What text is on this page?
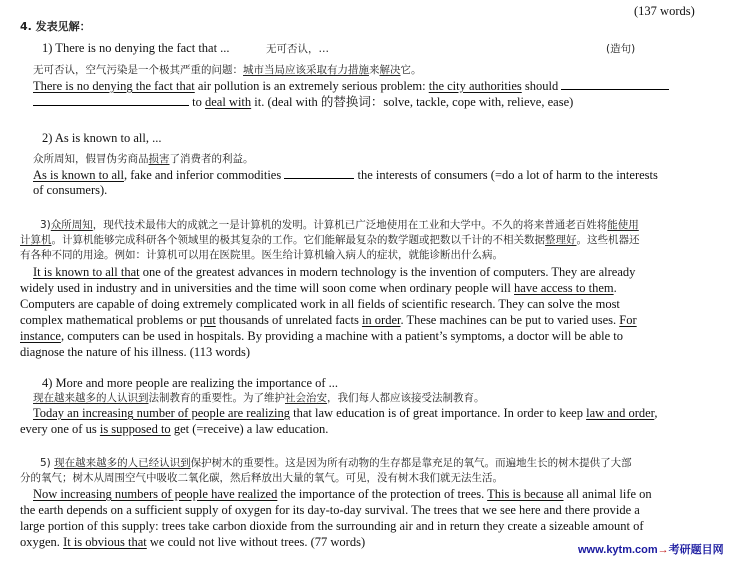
(137 words)
4. 发表见解：
1) There is no denying the fact that ...	无可否认，…	(造句)
无可否认，空气污染是一个极其严重的问题：城市当局应该采取有力措施来解决它。
There is no denying the fact that air pollution is an extremely serious problem: the city authorities should
to deal with it. (deal with 的替换词：solve, tackle, cope with, relieve, ease)
2) As is known to all, ...
众所周知，假冒伪劣商品损害了消费者的利益。
As is known to all, fake and inferior commodities	the interests of consumers (=do a lot of harm to the interests
of consumers).
3)众所周知，现代技术最伟大的成就之一是计算机的发明。计算机已广泛地使用在工业和大学中。不久的将来普通老百姓将能使用
计算机。计算机能够完成科研各个领域里的极其复杂的工作。它们能解最复杂的数学题或把数以千计的不相关数据整理好。这些机器还
有各种不同的用途。例如：计算机可以用在医院里。医生给计算机输入病人的症状，就能诊断出什么病。
It is known to all that one of the greatest advances in modern technology is the invention of computers. They are already
widely used in industry and in universities and the time will soon come when ordinary people will have access to them.
Computers are capable of doing extremely complicated work in all fields of scientific research. They can solve the most
complex mathematical problems or put thousands of unrelated facts in order. These machines can be put to varied uses. For
instance, computers can be used in hospitals. By providing a machine with a patient’s symptoms, a doctor will be able to
diagnose the nature of his illness. (113 words)
4) More and more people are realizing the importance of ...
现在越来越多的人认识到法制教育的重要性。为了维护社会治安，我们每人都应该接受法制教育。
Today an increasing number of people are realizing that law education is of great importance. In order to keep law and order,
every one of us is supposed to get (=receive) a law education.
5) 现在越来越多的人已经认识到保护树木的重要性。这是因为所有动物的生存都是靠充足的氧气。而遍地生长的树木提供了大部
分的氧气；树木从周围空气中吸收二氧化碳，然后释放出大量的氧气。可见，没有树木我们就无法生活。
Now increasing numbers of people have realized the importance of the protection of trees. This is because all animal life on
the earth depends on a sufficient supply of oxygen for its day-to-day survival. The trees that we see here and there provide a
large portion of this supply: trees take carbon dioxide from the surrounding air and in return they create a sizeable amount of
oxygen. It is obvious that we could not live without trees. (77 words)
www.kytm.com→考研题目网
